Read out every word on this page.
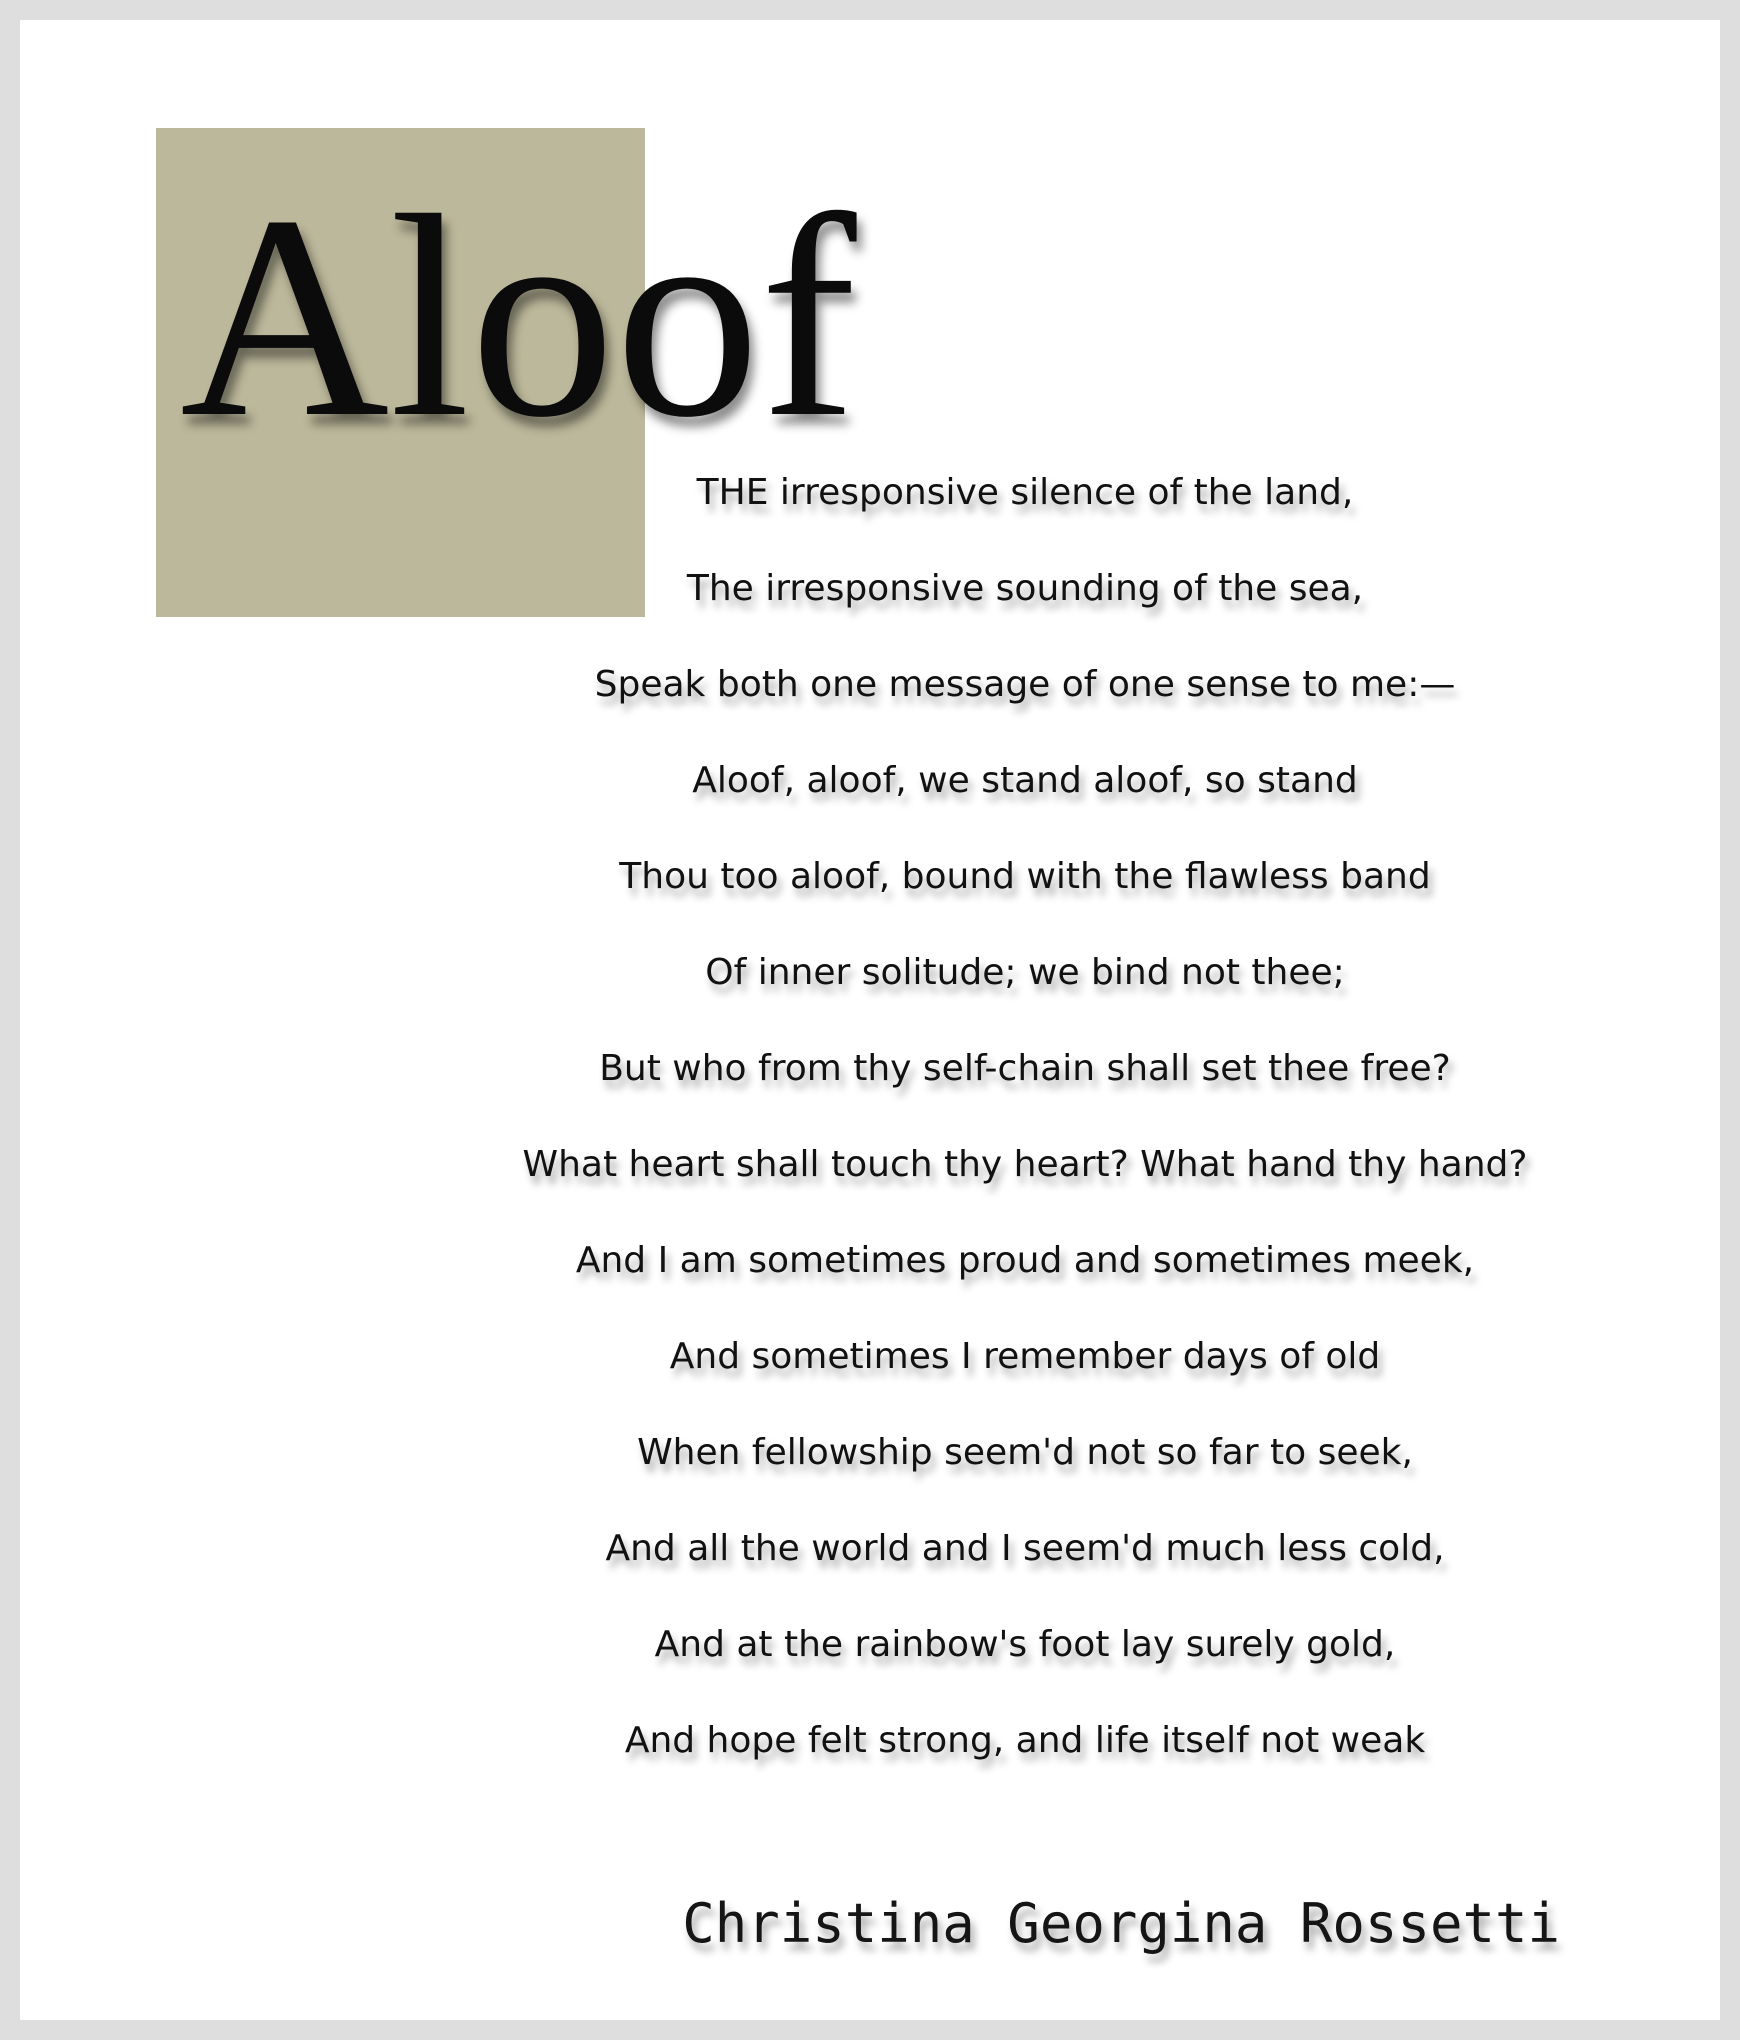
Aloof
THE irresponsive silence of the land,
The irresponsive sounding of the sea,
Speak both one message of one sense to me:—
Aloof, aloof, we stand aloof, so stand
Thou too aloof, bound with the flawless band
Of inner solitude; we bind not thee;
But who from thy self-chain shall set thee free?
What heart shall touch thy heart? What hand thy hand?
And I am sometimes proud and sometimes meek,
And sometimes I remember days of old
When fellowship seem'd not so far to seek,
And all the world and I seem'd much less cold,
And at the rainbow's foot lay surely gold,
And hope felt strong, and life itself not weak

Christina Georgina Rossetti
